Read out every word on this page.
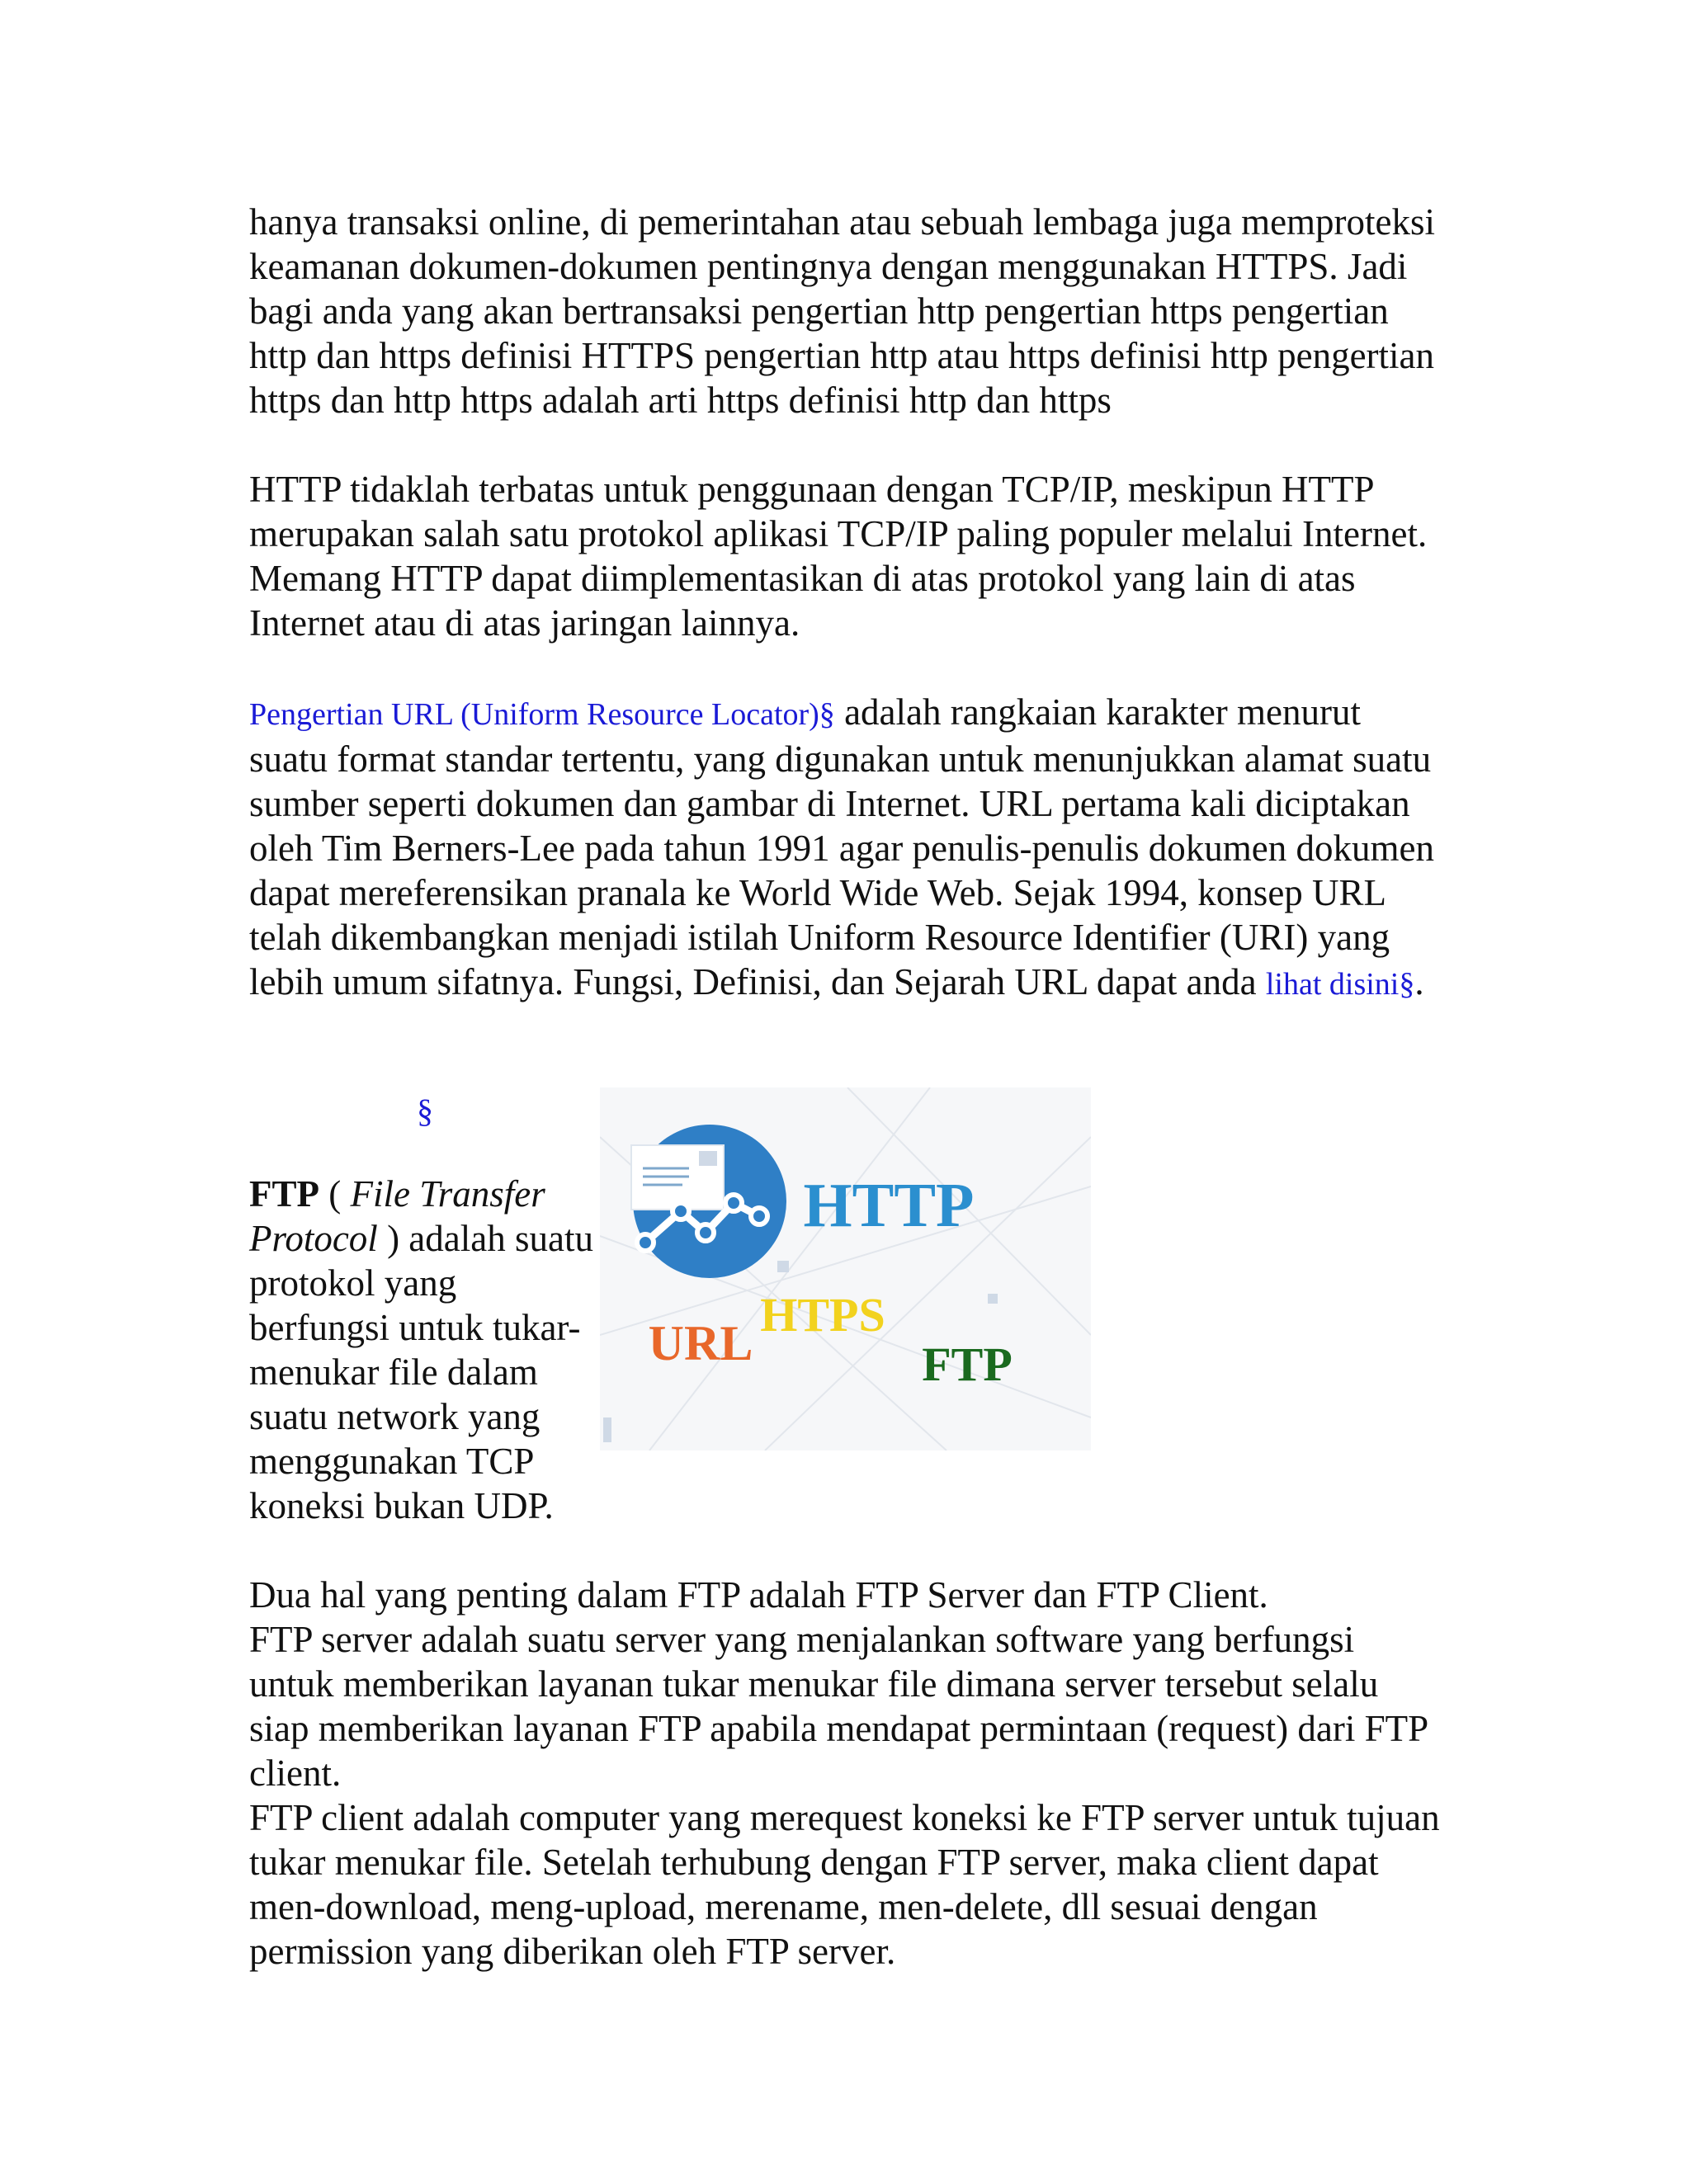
hanya transaksi online, di pemerintahan atau sebuah lembaga juga memproteksi keamanan dokumen-dokumen pentingnya dengan menggunakan HTTPS. Jadi bagi anda yang akan bertransaksi pengertian http pengertian https pengertian http dan https definisi HTTPS pengertian http atau https definisi http pengertian https dan http https adalah arti https definisi http dan https

HTTP tidaklah terbatas untuk penggunaan dengan TCP/IP, meskipun HTTP merupakan salah satu protokol aplikasi TCP/IP paling populer melalui Internet. Memang HTTP dapat diimplementasikan di atas protokol yang lain di atas Internet atau di atas jaringan lainnya.

Pengertian URL (Uniform Resource Locator)§ adalah rangkaian karakter menurut suatu format standar tertentu, yang digunakan untuk menunjukkan alamat suatu sumber seperti dokumen dan gambar di Internet. URL pertama kali diciptakan oleh Tim Berners-Lee pada tahun 1991 agar penulis-penulis dokumen dokumen dapat mereferensikan pranala ke World Wide Web. Sejak 1994, konsep URL telah dikembangkan menjadi istilah Uniform Resource Identifier (URI) yang lebih umum sifatnya. Fungsi, Definisi, dan Sejarah URL dapat anda lihat disini§.

§
FTP ( File Transfer Protocol ) adalah suatu protokol yang berfungsi untuk tukar-menukar file dalam suatu network yang menggunakan TCP koneksi bukan UDP.
HTTP
HTPS
URL	FTP

Dua hal yang penting dalam FTP adalah FTP Server dan FTP Client.

FTP server adalah suatu server yang menjalankan software yang berfungsi untuk memberikan layanan tukar menukar file dimana server tersebut selalu siap memberikan layanan FTP apabila mendapat permintaan (request) dari FTP client.

FTP client adalah computer yang merequest koneksi ke FTP server untuk tujuan tukar menukar file. Setelah terhubung dengan FTP server, maka client dapat men-download, meng-upload, merename, men-delete, dll sesuai dengan permission yang diberikan oleh FTP server.
